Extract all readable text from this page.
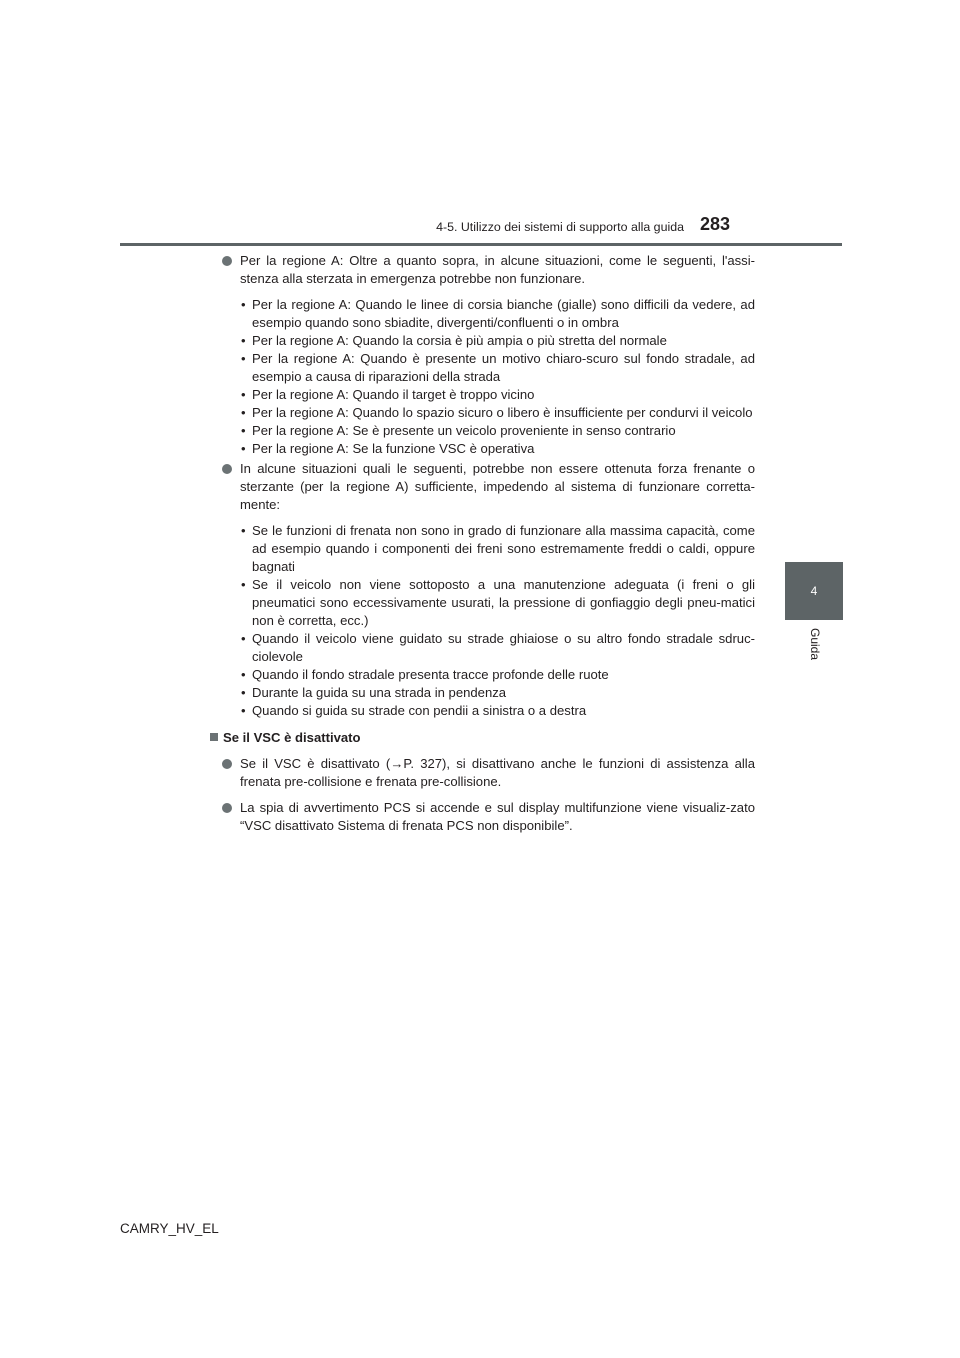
4-5. Utilizzo dei sistemi di supporto alla guida 283
4
Guida

Per la regione A: Oltre a quanto sopra, in alcune situazioni, come le seguenti, l'assi-stenza alla sterzata in emergenza potrebbe non funzionare.

• Per la regione A: Quando le linee di corsia bianche (gialle) sono difficili da vedere, ad esempio quando sono sbiadite, divergenti/confluenti o in ombra
• Per la regione A: Quando la corsia è più ampia o più stretta del normale
• Per la regione A: Quando è presente un motivo chiaro-scuro sul fondo stradale, ad esempio a causa di riparazioni della strada
• Per la regione A: Quando il target è troppo vicino
• Per la regione A: Quando lo spazio sicuro o libero è insufficiente per condurvi il veicolo
• Per la regione A: Se è presente un veicolo proveniente in senso contrario
• Per la regione A: Se la funzione VSC è operativa

In alcune situazioni quali le seguenti, potrebbe non essere ottenuta forza frenante o sterzante (per la regione A) sufficiente, impedendo al sistema di funzionare corretta-mente:

• Se le funzioni di frenata non sono in grado di funzionare alla massima capacità, come ad esempio quando i componenti dei freni sono estremamente freddi o caldi, oppure bagnati
• Se il veicolo non viene sottoposto a una manutenzione adeguata (i freni o gli pneumatici sono eccessivamente usurati, la pressione di gonfiaggio degli pneu-matici non è corretta, ecc.)
• Quando il veicolo viene guidato su strade ghiaiose o su altro fondo stradale sdruc-ciolevole
• Quando il fondo stradale presenta tracce profonde delle ruote
• Durante la guida su una strada in pendenza
• Quando si guida su strade con pendii a sinistra o a destra
Se il VSC è disattivato

Se il VSC è disattivato (→P. 327), si disattivano anche le funzioni di assistenza alla frenata pre-collisione e frenata pre-collisione.

La spia di avvertimento PCS si accende e sul display multifunzione viene visualiz-zato “VSC disattivato Sistema di frenata PCS non disponibile”.

CAMRY_HV_EL
